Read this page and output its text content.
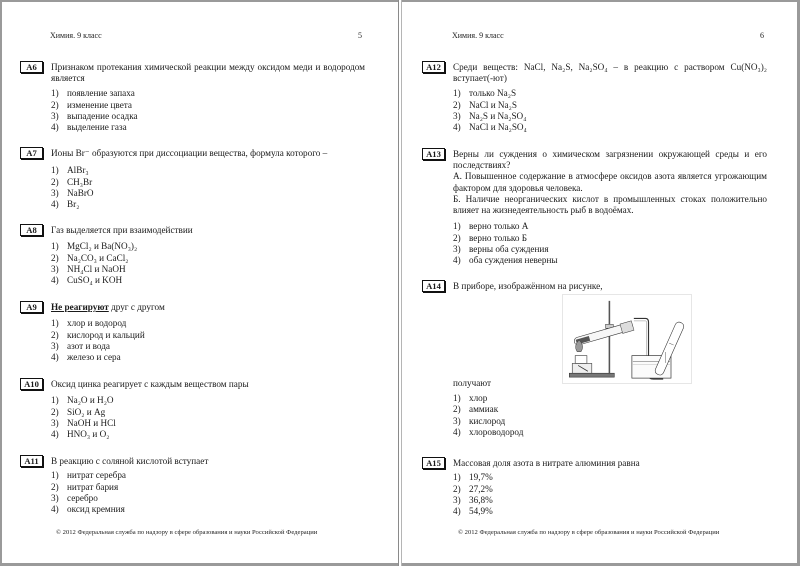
Химия. 9 класс	5
A6	Признаком протекания химической реакции между оксидом меди и водородом является
1) появление запаха
2) изменение цвета
3) выпадение осадка
4) выделение газа
A7	Ионы Br⁻ образуются при диссоциации вещества, формула которого –
1) AlBr₃
2) CH₃Br
3) NaBrO
4) Br₂
A8	Газ выделяется при взаимодействии
1) MgCl₂ и Ba(NO₃)₂
2) Na₂CO₃ и CaCl₂
3) NH₄Cl и NaOH
4) CuSO₄ и KOH
A9	Не реагируют друг с другом
1) хлор и водород
2) кислород и кальций
3) азот и вода
4) железо и сера
A10	Оксид цинка реагирует с каждым веществом пары
1) Na₂O и H₂O
2) SiO₂ и Ag
3) NaOH и HCl
4) HNO₃ и O₂
A11	В реакцию с соляной кислотой вступает
1) нитрат серебра
2) нитрат бария
3) серебро
4) оксид кремния
© 2012 Федеральная служба по надзору в сфере образования и науки Российской Федерации
Химия. 9 класс	6
A12	Среди веществ: NaCl, Na₂S, Na₂SO₄ – в реакцию с раствором Cu(NO₃)₂ вступает(-ют)
1) только Na₂S
2) NaCl и Na₂S
3) Na₂S и Na₂SO₄
4) NaCl и Na₂SO₄
A13	Верны ли суждения о химическом загрязнении окружающей среды и его последствиях?
А. Повышенное содержание в атмосфере оксидов азота является угрожающим фактором для здоровья человека.
Б. Наличие неорганических кислот в промышленных стоках положительно влияет на жизнедеятельность рыб в водоёмах.
1) верно только А
2) верно только Б
3) верны оба суждения
4) оба суждения неверны
A14	В приборе, изображённом на рисунке,
получают
1) хлор
2) аммиак
3) кислород
4) хлороводород
A15	Массовая доля азота в нитрате алюминия равна
1) 19,7%
2) 27,2%
3) 36,8%
4) 54,9%
© 2012 Федеральная служба по надзору в сфере образования и науки Российской Федерации
